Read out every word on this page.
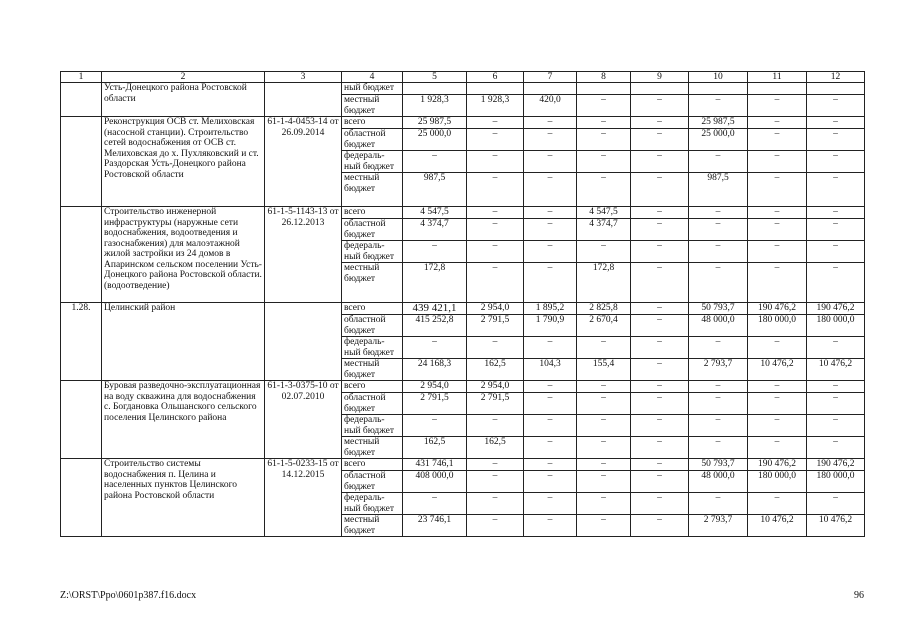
1	2	3	4	5	6	7	8	9	10	11	12
	Усть-Донецкого района Ростовской области		ный бюджет								
			местный бюджет	1 928,3	1 928,3	420,0	–	–	–	–	–
	Реконструкция ОСВ ст. Мелиховская (насосной станции). Строительство сетей водоснабжения от ОСВ ст. Мелиховская до х. Пухляковский и ст. Раздорская Усть-Донецкого района Ростовской области	61-1-4-0453-14 от 26.09.2014	всего	25 987,5	–	–	–	–	25 987,5	–	–
			областной бюджет	25 000,0	–	–	–	–	25 000,0	–	–
			федераль-ный бюджет	–	–	–	–	–	–	–	–
			местный бюджет	987,5	–	–	–	–	987,5	–	–
	Строительство инженерной инфраструктуры (наружные сети водоснабжения, водоотведения и газоснабжения) для малоэтажной жилой застройки из 24 домов в Апаринском сельском поселении Усть-Донецкого района Ростовской области. (водоотведение)	61-1-5-1143-13 от 26.12.2013	всего	4 547,5	–	–	4 547,5	–	–	–	–
			областной бюджет	4 374,7	–	–	4 374,7	–	–	–	–
			федераль-ный бюджет	–	–	–	–	–	–	–	–
			местный бюджет	172,8	–	–	172,8	–	–	–	–
1.28.	Целинский район		всего	439 421,1	2 954,0	1 895,2	2 825,8	–	50 793,7	190 476,2	190 476,2
			областной бюджет	415 252,8	2 791,5	1 790,9	2 670,4	–	48 000,0	180 000,0	180 000,0
			федераль-ный бюджет	–	–	–	–	–	–	–	–
			местный бюджет	24 168,3	162,5	104,3	155,4	–	2 793,7	10 476,2	10 476,2
	Буровая разведочно-эксплуатационная на воду скважина для водоснабжения с. Богдановка Ольшанского сельского поселения Целинского района	61-1-3-0375-10 от 02.07.2010	всего	2 954,0	2 954,0	–	–	–	–	–	–
			областной бюджет	2 791,5	2 791,5	–	–	–	–	–	–
			федераль-ный бюджет	–	–	–	–	–	–	–	–
			местный бюджет	162,5	162,5	–	–	–	–	–	–
	Строительство системы водоснабжения п. Целина и населенных пунктов Целинского района Ростовской области	61-1-5-0233-15 от 14.12.2015	всего	431 746,1	–	–	–	–	50 793,7	190 476,2	190 476,2
			областной бюджет	408 000,0	–	–	–	–	48 000,0	180 000,0	180 000,0
			федераль-ный бюджет	–	–	–	–	–	–	–	–
			местный бюджет	23 746,1	–	–	–	–	2 793,7	10 476,2	10 476,2
Z:\ORST\Ppo\0601p387.f16.docx	96
